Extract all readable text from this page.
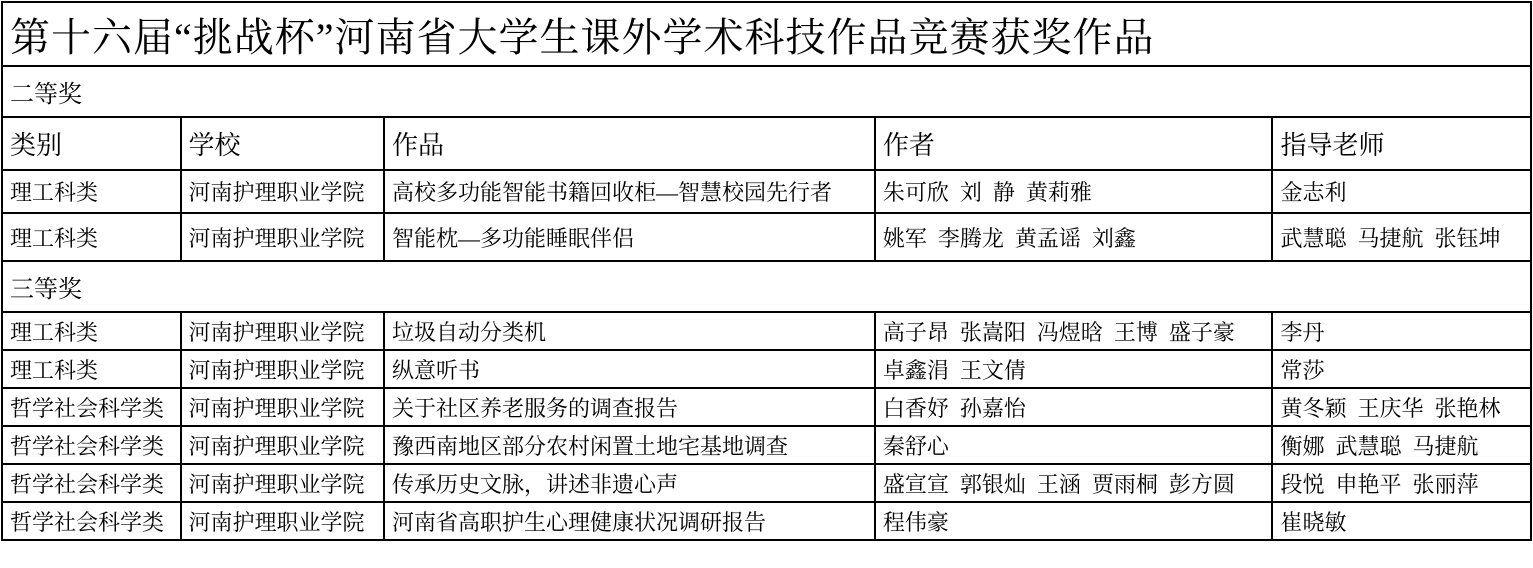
第十六届“挑战杯”河南省大学生课外学术科技作品竞赛获奖作品				
二等奖				
类别	学校	作品	作者	指导老师
理工科类	河南护理职业学院	高校多功能智能书籍回收柜—智慧校园先行者	朱可欣  刘  静  黄莉雅	金志利
理工科类	河南护理职业学院	智能枕—多功能睡眠伴侣	姚军  李腾龙  黄孟谣  刘鑫	武慧聪  马捷航  张钰坤
三等奖				
理工科类	河南护理职业学院	垃圾自动分类机	高子昂  张嵩阳  冯煜晗  王博  盛子豪	李丹
理工科类	河南护理职业学院	纵意听书	卓鑫涓  王文倩	常莎
哲学社会科学类	河南护理职业学院	关于社区养老服务的调查报告	白香妤  孙嘉怡	黄冬颖  王庆华  张艳林
哲学社会科学类	河南护理职业学院	豫西南地区部分农村闲置土地宅基地调查	秦舒心	衡娜  武慧聪  马捷航
哲学社会科学类	河南护理职业学院	传承历史文脉，讲述非遗心声	盛宣宣  郭银灿  王涵  贾雨桐  彭方圆	段悦  申艳平  张丽萍
哲学社会科学类	河南护理职业学院	河南省高职护生心理健康状况调研报告	程伟豪	崔晓敏
